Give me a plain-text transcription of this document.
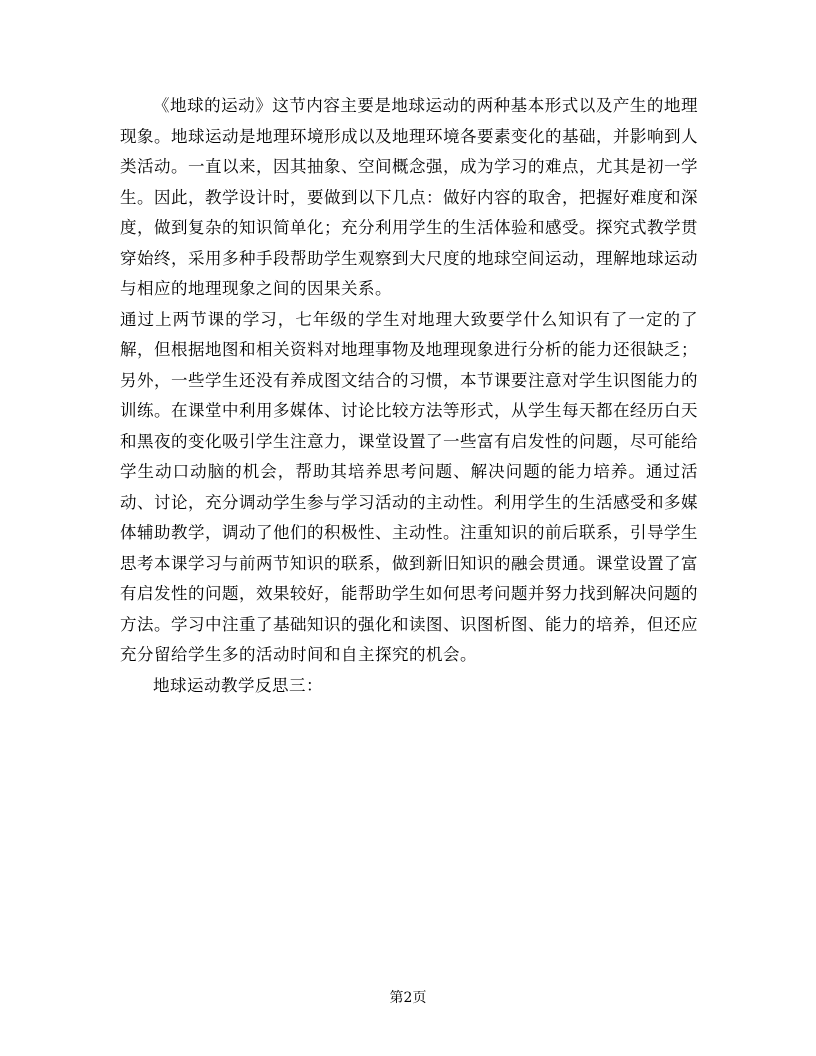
《地球的运动》这节内容主要是地球运动的两种基本形式以及产生的地理现象。地球运动是地理环境形成以及地理环境各要素变化的基础，并影响到人类活动。一直以来，因其抽象、空间概念强，成为学习的难点，尤其是初一学生。因此，教学设计时，要做到以下几点：做好内容的取舍，把握好难度和深度，做到复杂的知识简单化；充分利用学生的生活体验和感受。探究式教学贯穿始终，采用多种手段帮助学生观察到大尺度的地球空间运动，理解地球运动与相应的地理现象之间的因果关系。

通过上两节课的学习，七年级的学生对地理大致要学什么知识有了一定的了解，但根据地图和相关资料对地理事物及地理现象进行分析的能力还很缺乏；另外，一些学生还没有养成图文结合的习惯，本节课要注意对学生识图能力的训练。在课堂中利用多媒体、讨论比较方法等形式，从学生每天都在经历白天和黑夜的变化吸引学生注意力，课堂设置了一些富有启发性的问题，尽可能给学生动口动脑的机会，帮助其培养思考问题、解决问题的能力培养。通过活动、讨论，充分调动学生参与学习活动的主动性。利用学生的生活感受和多媒体辅助教学，调动了他们的积极性、主动性。注重知识的前后联系，引导学生思考本课学习与前两节知识的联系，做到新旧知识的融会贯通。课堂设置了富有启发性的问题，效果较好，能帮助学生如何思考问题并努力找到解决问题的方法。学习中注重了基础知识的强化和读图、识图析图、能力的培养，但还应充分留给学生多的活动时间和自主探究的机会。

地球运动教学反思三：

第2页
